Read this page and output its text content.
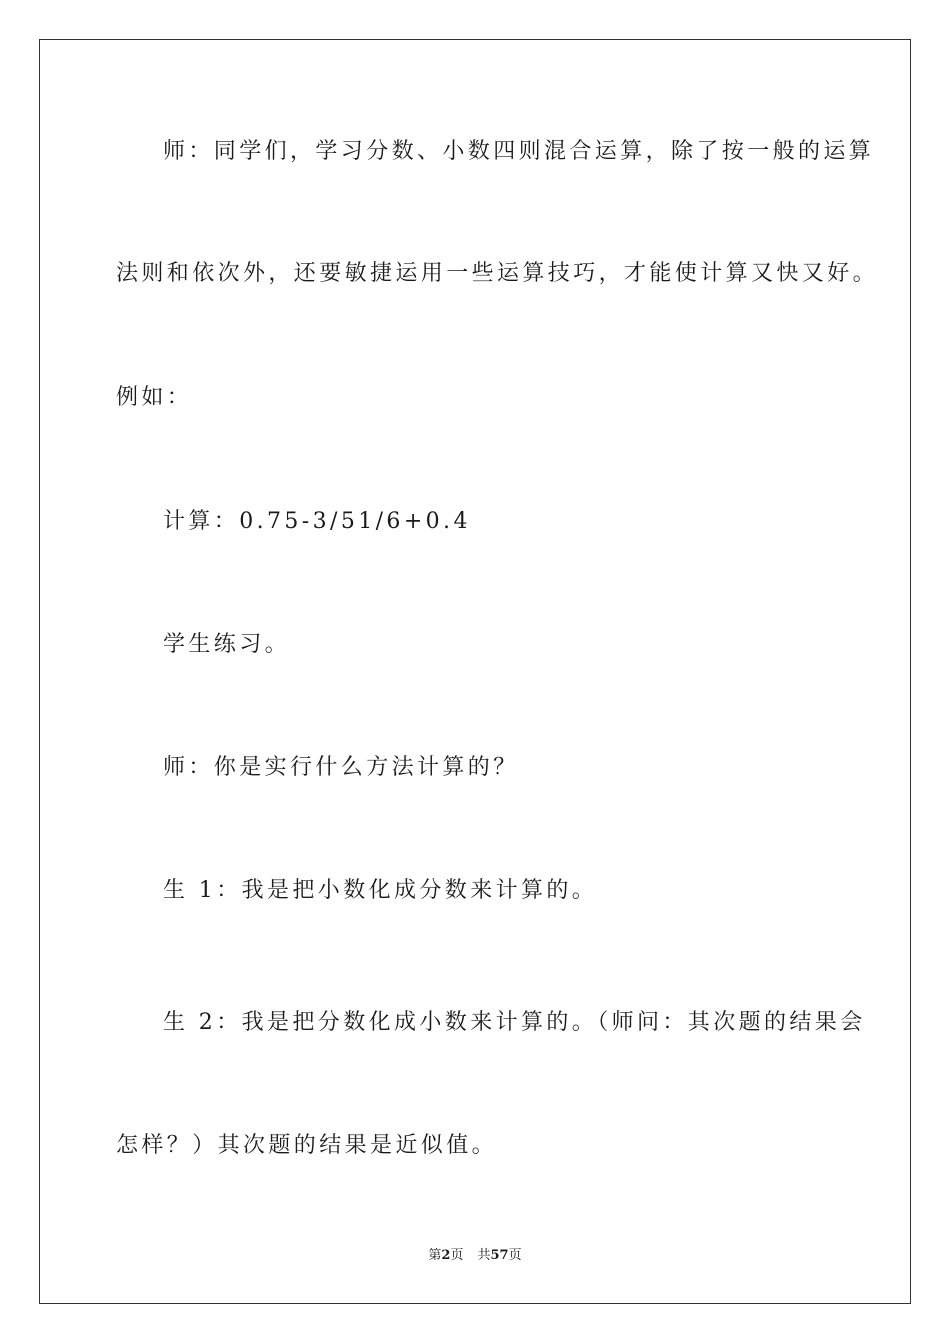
师：同学们，学习分数、小数四则混合运算，除了按一般的运算
法则和依次外，还要敏捷运用一些运算技巧，才能使计算又快又好。
例如：
计算：0.75-3/51/6+0.4
学生练习。
师：你是实行什么方法计算的？
生 1：我是把小数化成分数来计算的。
生 2：我是把分数化成小数来计算的。（师问：其次题的结果会
怎样？）其次题的结果是近似值。
第2页 共57页
